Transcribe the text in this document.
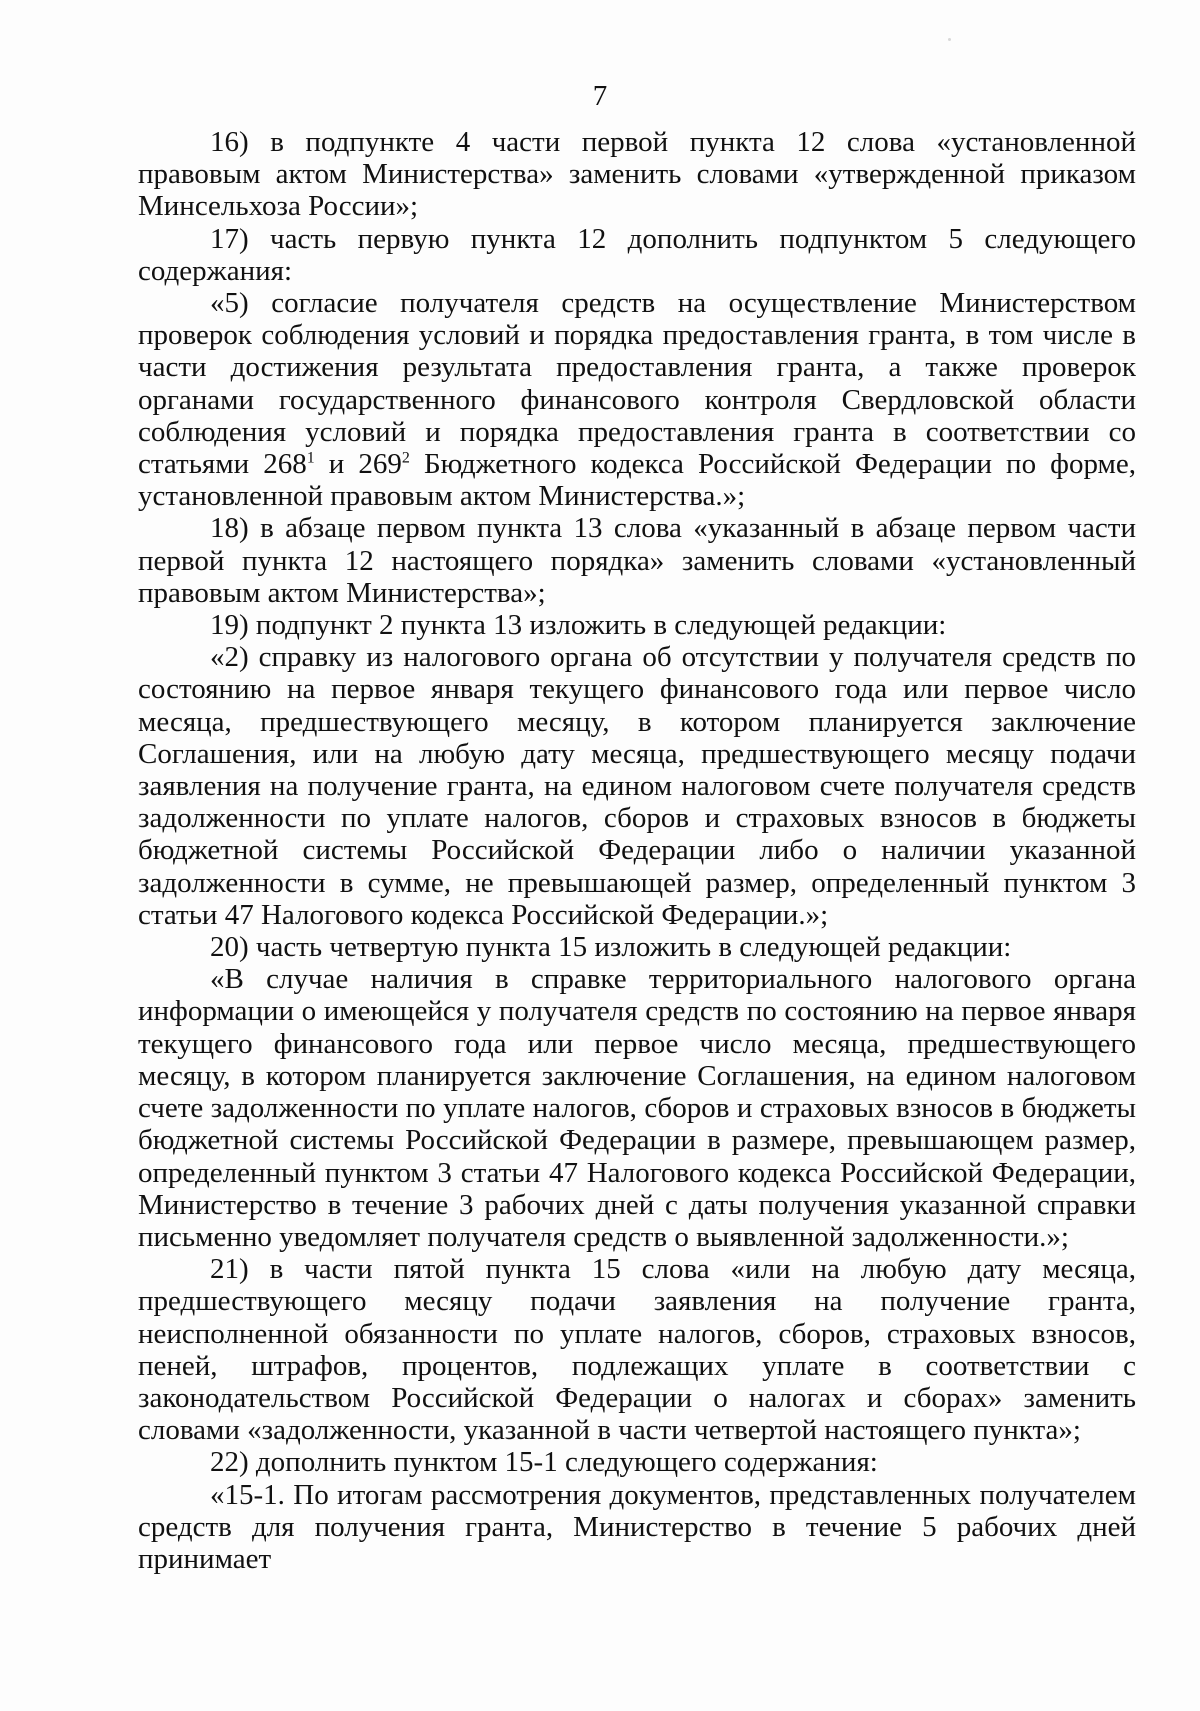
7

16) в подпункте 4 части первой пункта 12 слова «установленной правовым актом Министерства» заменить словами «утвержденной приказом Минсельхоза России»;

17) часть первую пункта 12 дополнить подпунктом 5 следующего содержания:

«5) согласие получателя средств на осуществление Министерством проверок соблюдения условий и порядка предоставления гранта, в том числе в части достижения результата предоставления гранта, а также проверок органами государственного финансового контроля Свердловской области соблюдения условий и порядка предоставления гранта в соответствии со статьями $268^1$ и $269^2$ Бюджетного кодекса Российской Федерации по форме, установленной правовым актом Министерства.»;

18) в абзаце первом пункта 13 слова «указанный в абзаце первом части первой пункта 12 настоящего порядка» заменить словами «установленный правовым актом Министерства»;

19) подпункт 2 пункта 13 изложить в следующей редакции:

«2) справку из налогового органа об отсутствии у получателя средств по состоянию на первое января текущего финансового года или первое число месяца, предшествующего месяцу, в котором планируется заключение Соглашения, или на любую дату месяца, предшествующего месяцу подачи заявления на получение гранта, на едином налоговом счете получателя средств задолженности по уплате налогов, сборов и страховых взносов в бюджеты бюджетной системы Российской Федерации либо о наличии указанной задолженности в сумме, не превышающей размер, определенный пунктом 3 статьи 47 Налогового кодекса Российской Федерации.»;

20) часть четвертую пункта 15 изложить в следующей редакции:

«В случае наличия в справке территориального налогового органа информации о имеющейся у получателя средств по состоянию на первое января текущего финансового года или первое число месяца, предшествующего месяцу, в котором планируется заключение Соглашения, на едином налоговом счете задолженности по уплате налогов, сборов и страховых взносов в бюджеты бюджетной системы Российской Федерации в размере, превышающем размер, определенный пунктом 3 статьи 47 Налогового кодекса Российской Федерации, Министерство в течение 3 рабочих дней с даты получения указанной справки письменно уведомляет получателя средств о выявленной задолженности.»;

21) в части пятой пункта 15 слова «или на любую дату месяца, предшествующего месяцу подачи заявления на получение гранта, неисполненной обязанности по уплате налогов, сборов, страховых взносов, пеней, штрафов, процентов, подлежащих уплате в соответствии с законодательством Российской Федерации о налогах и сборах» заменить словами «задолженности, указанной в части четвертой настоящего пункта»;

22) дополнить пунктом 15-1 следующего содержания:

«15-1. По итогам рассмотрения документов, представленных получателем средств для получения гранта, Министерство в течение 5 рабочих дней принимает
